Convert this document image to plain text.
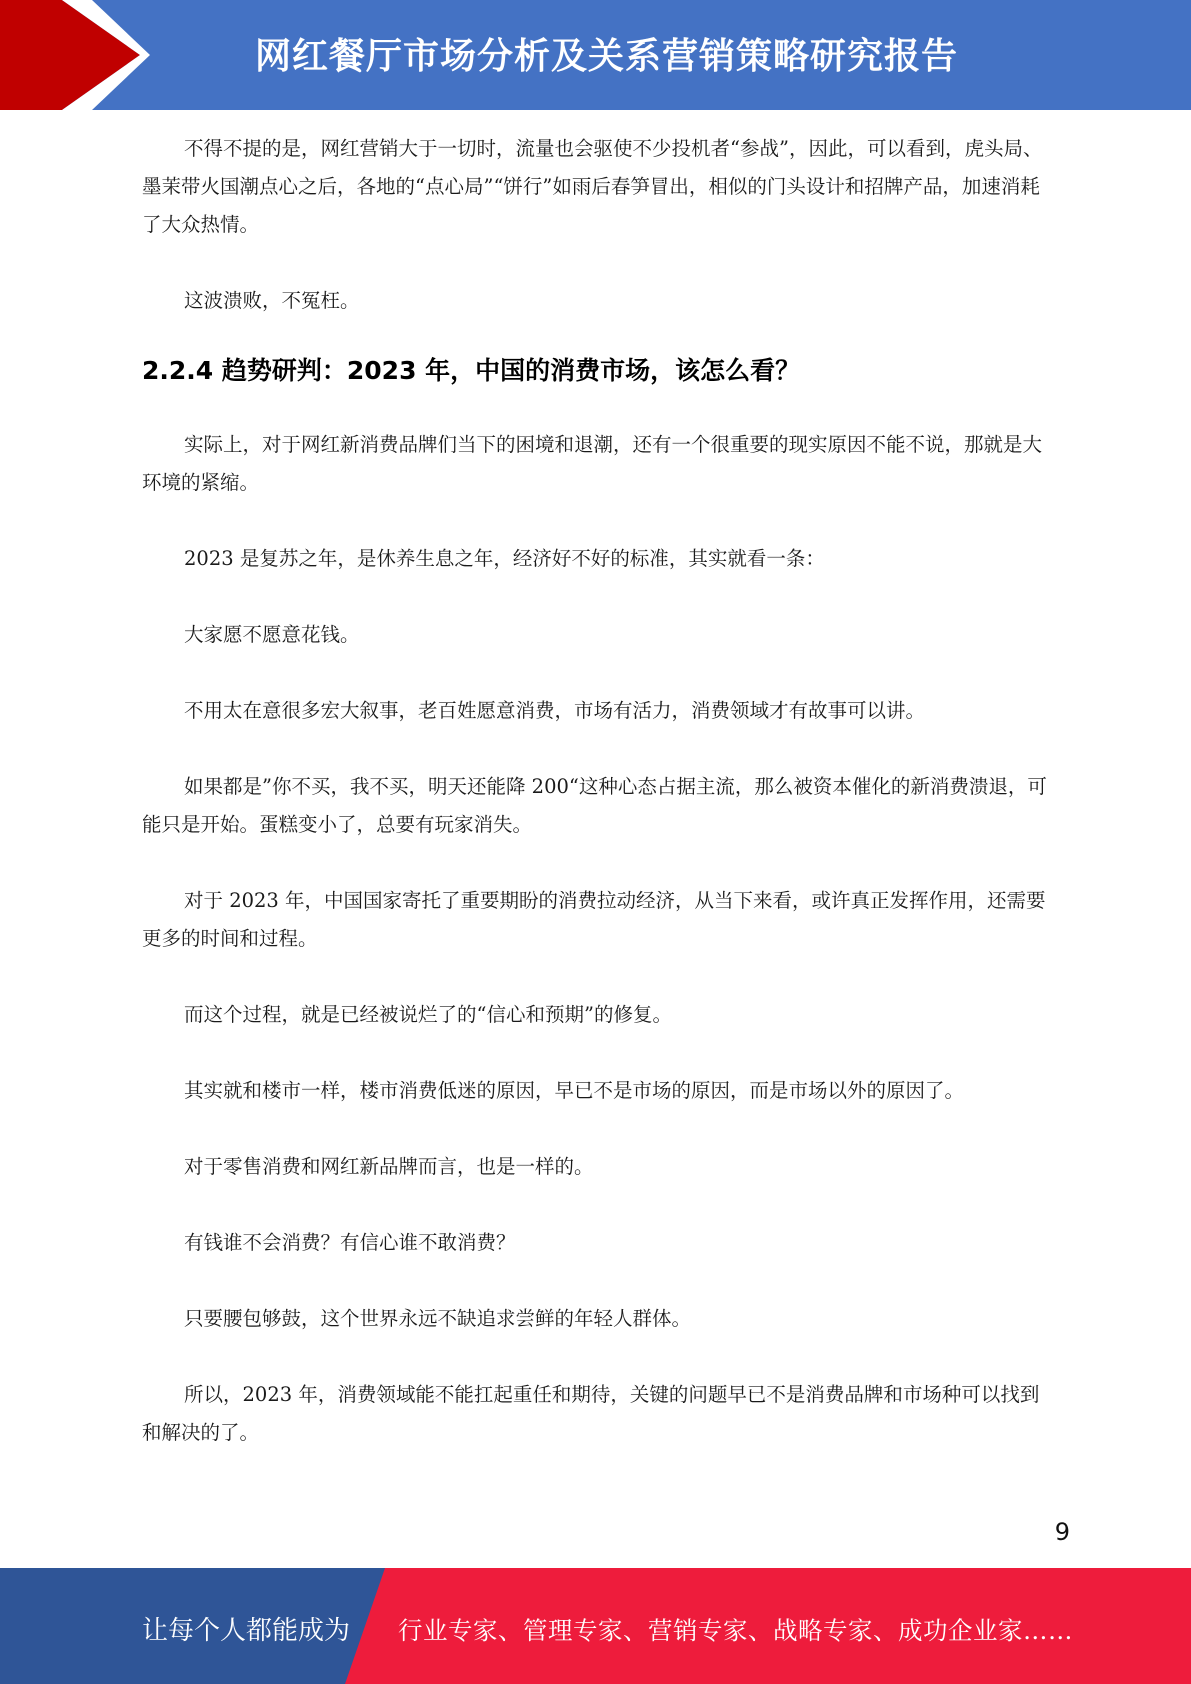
网红餐厅市场分析及关系营销策略研究报告

不得不提的是，网红营销大于一切时，流量也会驱使不少投机者“参战”，因此，可以看到，虎头局、墨茉带火国潮点心之后，各地的“点心局”“饼行”如雨后春笋冒出，相似的门头设计和招牌产品，加速消耗了大众热情。

这波溃败，不冤枉。

2.2.4 趋势研判：2023 年，中国的消费市场，该怎么看？

实际上，对于网红新消费品牌们当下的困境和退潮，还有一个很重要的现实原因不能不说，那就是大环境的紧缩。

2023 是复苏之年，是休养生息之年，经济好不好的标准，其实就看一条：

大家愿不愿意花钱。

不用太在意很多宏大叙事，老百姓愿意消费，市场有活力，消费领域才有故事可以讲。

如果都是”你不买，我不买，明天还能降 200“这种心态占据主流，那么被资本催化的新消费溃退，可能只是开始。蛋糕变小了，总要有玩家消失。

对于 2023 年，中国国家寄托了重要期盼的消费拉动经济，从当下来看，或许真正发挥作用，还需要更多的时间和过程。

而这个过程，就是已经被说烂了的“信心和预期”的修复。

其实就和楼市一样，楼市消费低迷的原因，早已不是市场的原因，而是市场以外的原因了。

对于零售消费和网红新品牌而言，也是一样的。

有钱谁不会消费？有信心谁不敢消费？

只要腰包够鼓，这个世界永远不缺追求尝鲜的年轻人群体。

所以，2023 年，消费领域能不能扛起重任和期待，关键的问题早已不是消费品牌和市场种可以找到和解决的了。

9
让每个人都能成为 行业专家、管理专家、营销专家、战略专家、成功企业家……
